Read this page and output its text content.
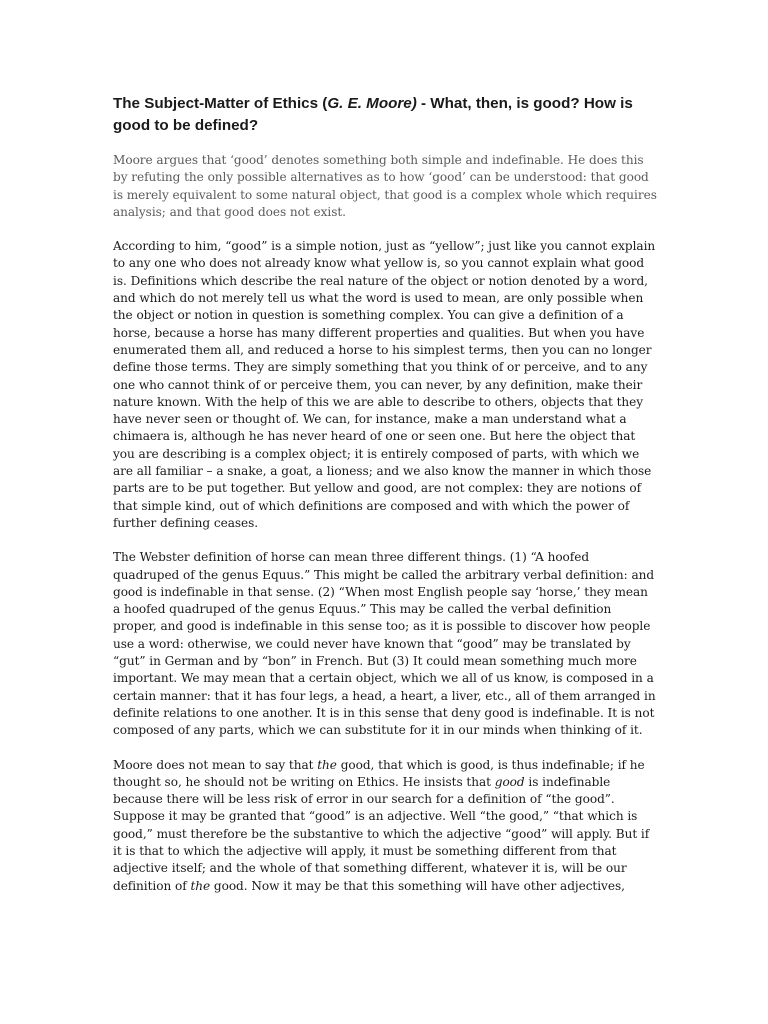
The Subject-Matter of Ethics (G. E. Moore) - What, then, is good? How is good to be defined?

Moore argues that ‘good’ denotes something both simple and indefinable. He does this by refuting the only possible alternatives as to how ‘good’ can be understood: that good is merely equivalent to some natural object, that good is a complex whole which requires analysis; and that good does not exist.

According to him, “good” is a simple notion, just as “yellow”; just like you cannot explain to any one who does not already know what yellow is, so you cannot explain what good is. Definitions which describe the real nature of the object or notion denoted by a word, and which do not merely tell us what the word is used to mean, are only possible when the object or notion in question is something complex. You can give a definition of a horse, because a horse has many different properties and qualities. But when you have enumerated them all, and reduced a horse to his simplest terms, then you can no longer define those terms. They are simply something that you think of or perceive, and to any one who cannot think of or perceive them, you can never, by any definition, make their nature known. With the help of this we are able to describe to others, objects that they have never seen or thought of. We can, for instance, make a man understand what a chimaera is, although he has never heard of one or seen one. But here the object that you are describing is a complex object; it is entirely composed of parts, with which we are all familiar – a snake, a goat, a lioness; and we also know the manner in which those parts are to be put together. But yellow and good, are not complex: they are notions of that simple kind, out of which definitions are composed and with which the power of further defining ceases.

The Webster definition of horse can mean three different things. (1) “A hoofed quadruped of the genus Equus.” This might be called the arbitrary verbal definition: and good is indefinable in that sense. (2) “When most English people say ‘horse,’ they mean a hoofed quadruped of the genus Equus.” This may be called the verbal definition proper, and good is indefinable in this sense too; as it is possible to discover how people use a word: otherwise, we could never have known that “good” may be translated by “gut” in German and by “bon” in French. But (3) It could mean something much more important. We may mean that a certain object, which we all of us know, is composed in a certain manner: that it has four legs, a head, a heart, a liver, etc., all of them arranged in definite relations to one another. It is in this sense that deny good is indefinable. It is not composed of any parts, which we can substitute for it in our minds when thinking of it.

Moore does not mean to say that the good, that which is good, is thus indefinable; if he thought so, he should not be writing on Ethics. He insists that good is indefinable because there will be less risk of error in our search for a definition of “the good”. Suppose it may be granted that “good” is an adjective. Well “the good,” “that which is good,” must therefore be the substantive to which the adjective “good” will apply. But if it is that to which the adjective will apply, it must be something different from that adjective itself; and the whole of that something different, whatever it is, will be our definition of the good. Now it may be that this something will have other adjectives,
